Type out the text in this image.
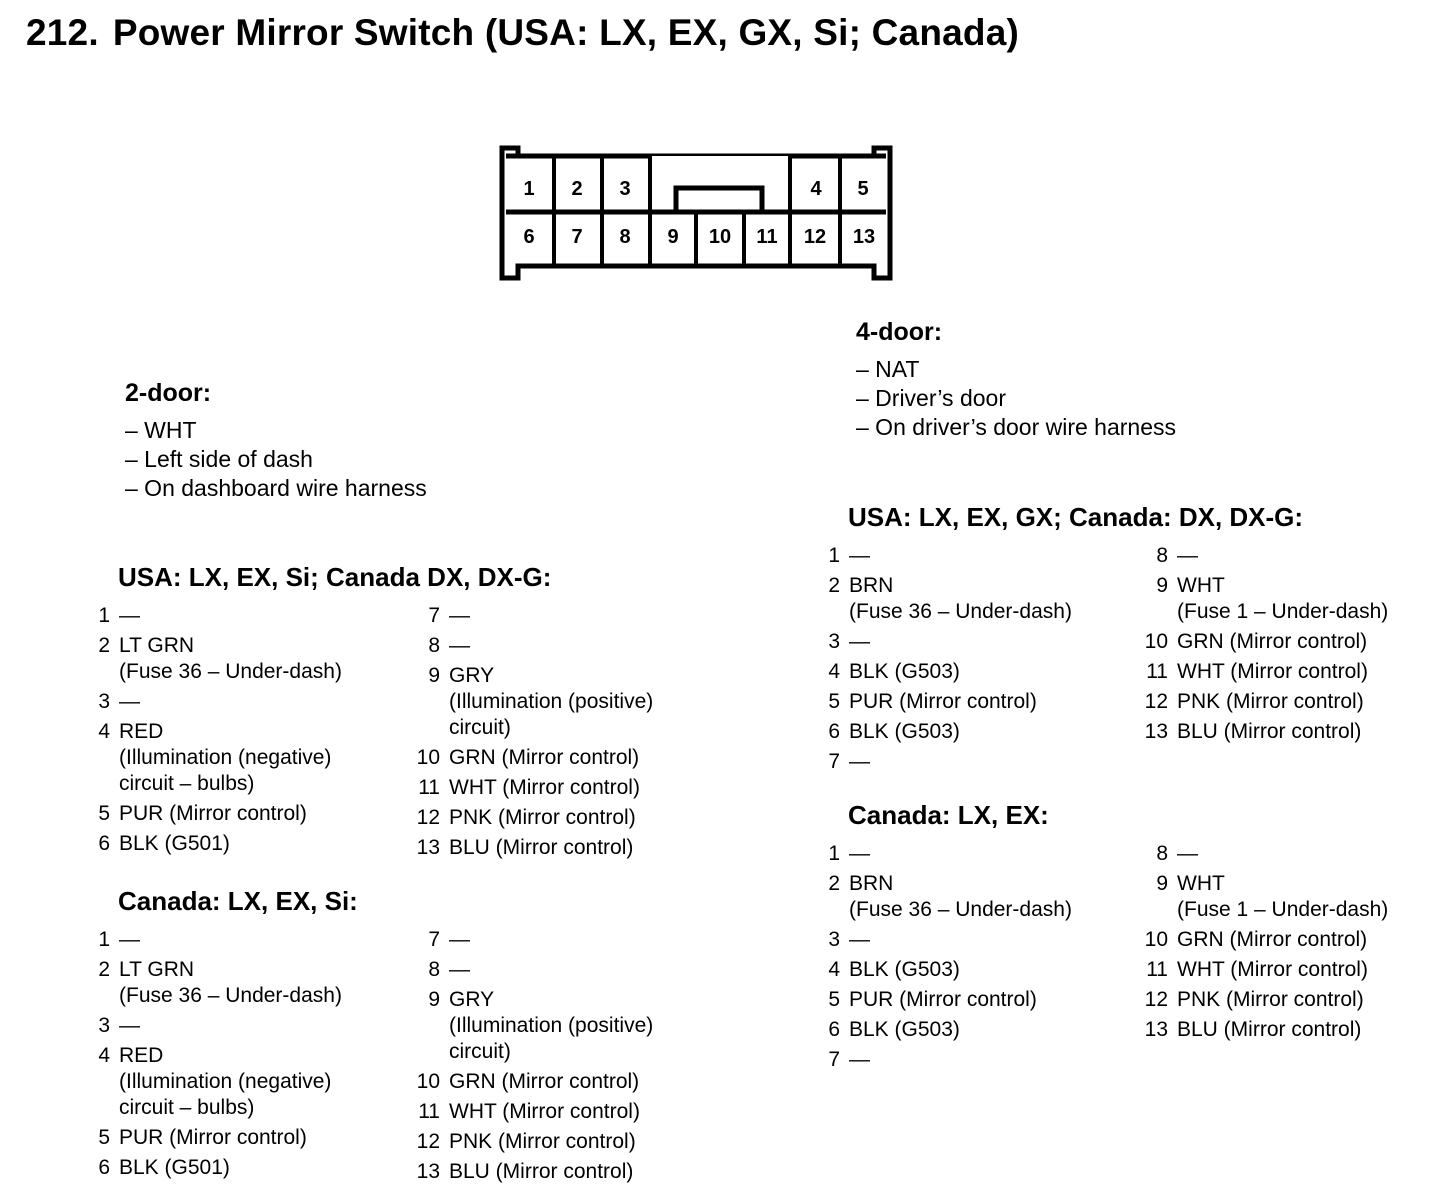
212. Power Mirror Switch (USA: LX, EX, GX, Si; Canada)
1 2 3	4 5
6 7 8 9 10 11 12 13
4-door:
– NAT
– Driver’s door
– On driver’s door wire harness
2-door:
– WHT
– Left side of dash
– On dashboard wire harness
USA: LX, EX, Si; Canada DX, DX-G:
1 —
2 LT GRN
(Fuse 36 – Under-dash)
3 —
4 RED
(Illumination (negative)
circuit – bulbs)
5 PUR (Mirror control)
6 BLK (G501)
7 —
8 —
9 GRY
(Illumination (positive)
circuit)
10 GRN (Mirror control)
11 WHT (Mirror control)
12 PNK (Mirror control)
13 BLU (Mirror control)
Canada: LX, EX, Si:
1 —
2 LT GRN
(Fuse 36 – Under-dash)
3 —
4 RED
(Illumination (negative)
circuit – bulbs)
5 PUR (Mirror control)
6 BLK (G501)
7 —
8 —
9 GRY
(Illumination (positive)
circuit)
10 GRN (Mirror control)
11 WHT (Mirror control)
12 PNK (Mirror control)
13 BLU (Mirror control)
USA: LX, EX, GX; Canada: DX, DX-G:
1 —
2 BRN
(Fuse 36 – Under-dash)
3 —
4 BLK (G503)
5 PUR (Mirror control)
6 BLK (G503)
7 —
8 —
9 WHT
(Fuse 1 – Under-dash)
10 GRN (Mirror control)
11 WHT (Mirror control)
12 PNK (Mirror control)
13 BLU (Mirror control)
Canada: LX, EX:
1 —
2 BRN
(Fuse 36 – Under-dash)
3 —
4 BLK (G503)
5 PUR (Mirror control)
6 BLK (G503)
7 —
8 —
9 WHT
(Fuse 1 – Under-dash)
10 GRN (Mirror control)
11 WHT (Mirror control)
12 PNK (Mirror control)
13 BLU (Mirror control)
